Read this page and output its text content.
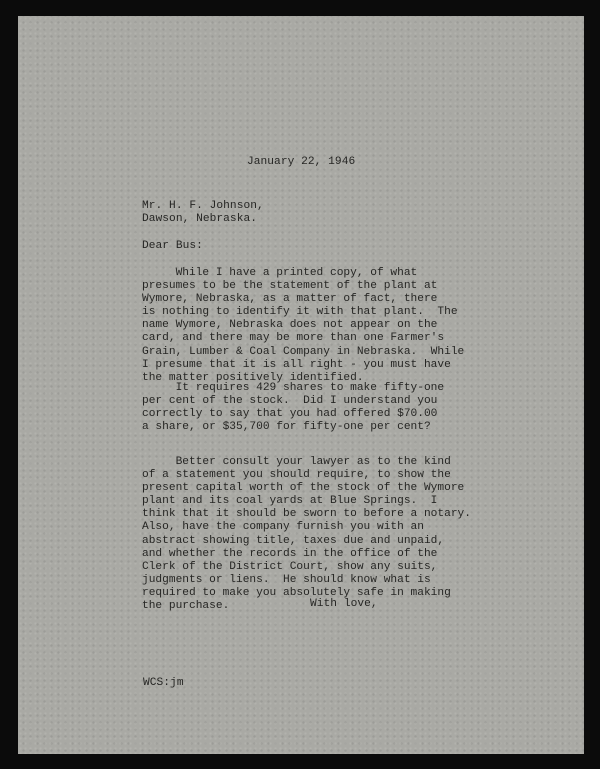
January 22, 1946
Mr. H. F. Johnson,
Dawson, Nebraska.
Dear Bus:
While I have a printed copy, of what
presumes to be the statement of the plant at
Wymore, Nebraska, as a matter of fact, there
is nothing to identify it with that plant.  The
name Wymore, Nebraska does not appear on the
card, and there may be more than one Farmer's
Grain, Lumber & Coal Company in Nebraska.  While
I presume that it is all right - you must have
the matter positively identified.
It requires 429 shares to make fifty-one
per cent of the stock.  Did I understand you
correctly to say that you had offered $70.00
a share, or $35,700 for fifty-one per cent?
Better consult your lawyer as to the kind
of a statement you should require, to show the
present capital worth of the stock of the Wymore
plant and its coal yards at Blue Springs.  I
think that it should be sworn to before a notary.
Also, have the company furnish you with an
abstract showing title, taxes due and unpaid,
and whether the records in the office of the
Clerk of the District Court, show any suits,
judgments or liens.  He should know what is
required to make you absolutely safe in making
the purchase.	With love,
WCS:jm
